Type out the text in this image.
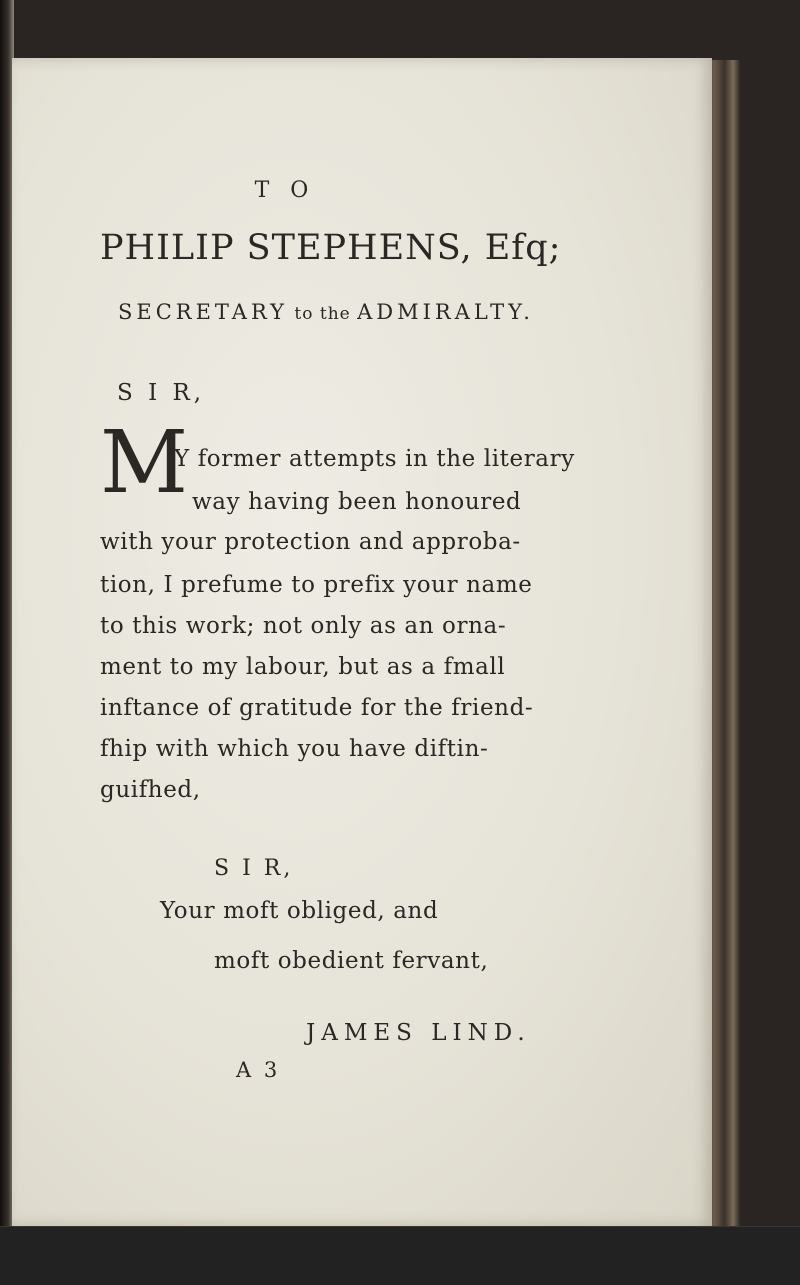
T O
PHILIP STEPHENS, Efq;
SECRETARY to the ADMIRALTY.
S I R,
M
Y former attempts in the literary
way having been honoured
with your protection and approba-
tion, I prefume to prefix your name
to this work; not only as an orna-
ment to my labour, but as a fmall
inftance of gratitude for the friend-
fhip with which you have diftin-
guifhed,
S I R,
Your moft obliged, and
moft obedient fervant,
JAMES LIND.
A 3
